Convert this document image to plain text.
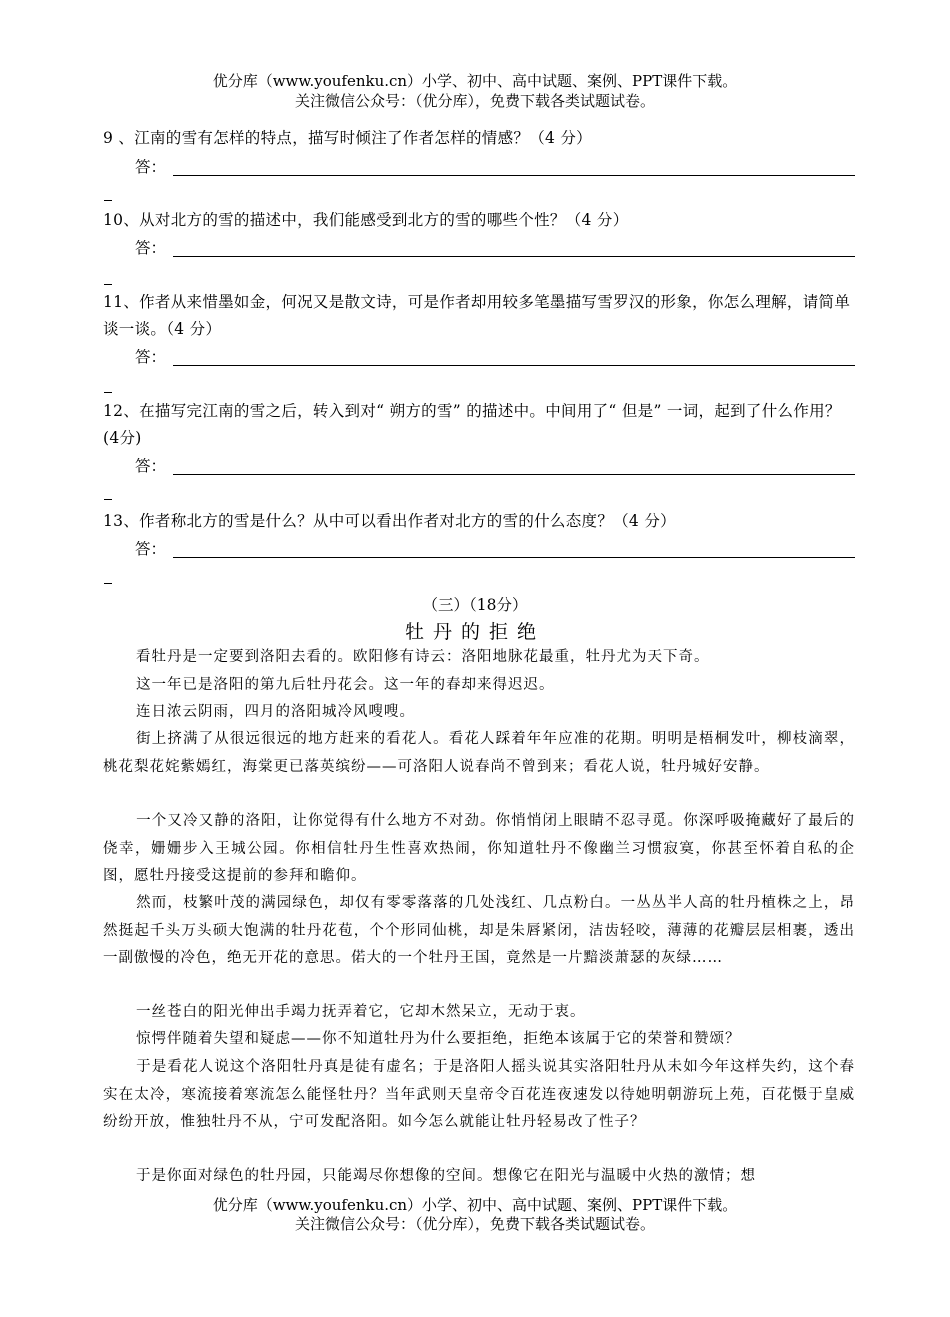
优分库（www.youfenku.cn）小学、初中、高中试题、案例、PPT课件下载。
关注微信公众号：（优分库），免费下载各类试题试卷。
9 、江南的雪有怎样的特点，描写时倾注了作者怎样的情感？（4 分）
答：
10、从对北方的雪的描述中，我们能感受到北方的雪的哪些个性？（4 分）
答：
11、作者从来惜墨如金，何况又是散文诗，可是作者却用较多笔墨描写雪罗汉的形象，你怎么理解，请简单谈一谈。（4 分）
答：
12、在描写完江南的雪之后，转入到对“ 朔方的雪” 的描述中。中间用了“ 但是” 一词，起到了什么作用？(4分)
答：
13、作者称北方的雪是什么？从中可以看出作者对北方的雪的什么态度？（4 分）
答：
（三）（18分）
牡丹的拒绝
看牡丹是一定要到洛阳去看的。欧阳修有诗云：洛阳地脉花最重，牡丹尤为天下奇。
这一年已是洛阳的第九后牡丹花会。这一年的春却来得迟迟。
连日浓云阴雨，四月的洛阳城冷风嗖嗖。
街上挤满了从很远很远的地方赶来的看花人。看花人踩着年年应准的花期。明明是梧桐发叶，柳枝滴翠，桃花梨花姹紫嫣红，海棠更已落英缤纷——可洛阳人说春尚不曾到来；看花人说，牡丹城好安静。
一个又冷又静的洛阳，让你觉得有什么地方不对劲。你悄悄闭上眼睛不忍寻觅。你深呼吸掩藏好了最后的侥幸，姗姗步入王城公园。你相信牡丹生性喜欢热闹，你知道牡丹不像幽兰习惯寂寞，你甚至怀着自私的企图，愿牡丹接受这提前的参拜和瞻仰。
然而，枝繁叶茂的满园绿色，却仅有零零落落的几处浅红、几点粉白。一丛丛半人高的牡丹植株之上，昂然挺起千头万头硕大饱满的牡丹花苞，个个形同仙桃，却是朱唇紧闭，洁齿轻咬，薄薄的花瓣层层相裹，透出一副傲慢的冷色，绝无开花的意思。偌大的一个牡丹王国，竟然是一片黯淡萧瑟的灰绿……
一丝苍白的阳光伸出手竭力抚弄着它，它却木然呆立，无动于衷。
惊愕伴随着失望和疑虑——你不知道牡丹为什么要拒绝，拒绝本该属于它的荣誉和赞颂？
于是看花人说这个洛阳牡丹真是徒有虚名；于是洛阳人摇头说其实洛阳牡丹从未如今年这样失约，这个春实在太冷，寒流接着寒流怎么能怪牡丹？当年武则天皇帝令百花连夜速发以待她明朝游玩上苑，百花慑于皇威纷纷开放，惟独牡丹不从，宁可发配洛阳。如今怎么就能让牡丹轻易改了性子？
于是你面对绿色的牡丹园，只能竭尽你想像的空间。想像它在阳光与温暖中火热的激情；想
优分库（www.youfenku.cn）小学、初中、高中试题、案例、PPT课件下载。
关注微信公众号：（优分库），免费下载各类试题试卷。
